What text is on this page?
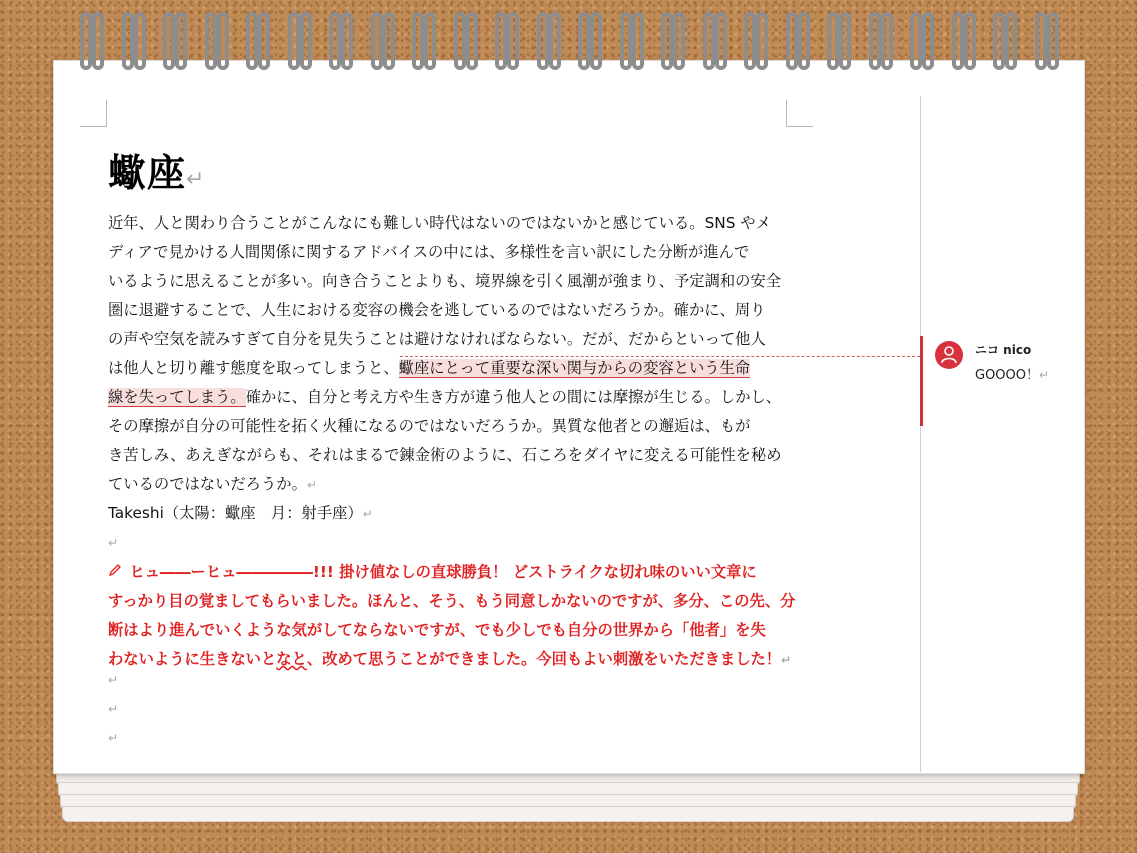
蠍座↵
近年、人と関わり合うことがこんなにも難しい時代はないのではないかと感じている。SNS やメ
ディアで見かける人間関係に関するアドバイスの中には、多様性を言い訳にした分断が進んで
いるように思えることが多い。向き合うことよりも、境界線を引く風潮が強まり、予定調和の安全
圏に退避することで、人生における変容の機会を逃しているのではないだろうか。確かに、周り
の声や空気を読みすぎて自分を見失うことは避けなければならない。だが、だからといって他人
は他人と切り離す態度を取ってしまうと、蠍座にとって重要な深い関与からの変容という生命
線を失ってしまう。確かに、自分と考え方や生き方が違う他人との間には摩擦が生じる。しかし、
その摩擦が自分の可能性を拓く火種になるのではないだろうか。異質な他者との邂逅は、もが
き苦しみ、あえぎながらも、それはまるで錬金術のように、石ころをダイヤに変える可能性を秘め
ているのではないだろうか。↵
Takeshi（太陽：蠍座　月：射手座）↵
↵
ヒュ――ーヒュ―――――!!! 掛け値なしの直球勝負！ どストライクな切れ味のいい文章に
すっかり目の覚ましてもらいました。ほんと、そう、もう同意しかないのですが、多分、この先、分
断はより進んでいくような気がしてならないですが、でも少しでも自分の世界から「他者」を失
わないように生きないとなと、改めて思うことができました。今回もよい刺激をいただきました！↵
↵
↵
↵
ニコ nico
GOOOO！↵
